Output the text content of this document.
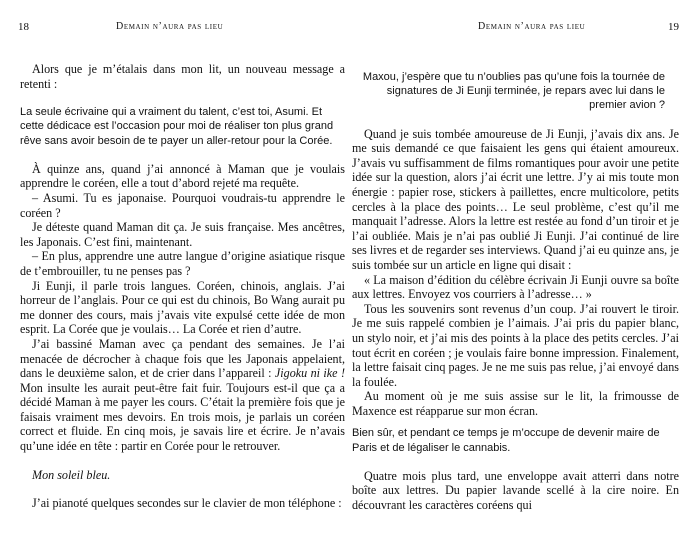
18	Demain n’aura pas lieu

Alors que je m’étalais dans mon lit, un nouveau message a retenti :

La seule écrivaine qui a vraiment du talent, c’est toi, Asumi. Et cette dédicace est l’occasion pour moi de réaliser ton plus grand rêve sans avoir besoin de te payer un aller-retour pour la Corée.

À quinze ans, quand j’ai annoncé à Maman que je voulais apprendre le coréen, elle a tout d’abord rejeté ma requête.

– Asumi. Tu es japonaise. Pourquoi voudrais-tu apprendre le coréen ?

Je déteste quand Maman dit ça. Je suis française. Mes ancêtres, les Japonais. C’est fini, maintenant.

– En plus, apprendre une autre langue d’origine asiatique risque de t’embrouiller, tu ne penses pas ?

Ji Eunji, il parle trois langues. Coréen, chinois, anglais. J’ai horreur de l’anglais. Pour ce qui est du chinois, Bo Wang aurait pu me donner des cours, mais j’avais vite expulsé cette idée de mon esprit. La Corée que je voulais… La Corée et rien d’autre.

J’ai bassiné Maman avec ça pendant des semaines. Je l’ai menacée de décrocher à chaque fois que les Japonais appelaient, dans le deuxième salon, et de crier dans l’appareil : Jigoku ni ike ! Mon insulte les aurait peut-être fait fuir. Toujours est-il que ça a décidé Maman à me payer les cours. C’était la première fois que je faisais vraiment mes devoirs. En trois mois, je parlais un coréen correct et fluide. En cinq mois, je savais lire et écrire. Je n’avais qu’une idée en tête : partir en Corée pour le retrouver.

Mon soleil bleu.

J’ai pianoté quelques secondes sur le clavier de mon téléphone :

Demain n’aura pas lieu	19

Maxou, j’espère que tu n’oublies pas qu’une fois la tournée de signatures de Ji Eunji terminée, je repars avec lui dans le premier avion ?

Quand je suis tombée amoureuse de Ji Eunji, j’avais dix ans. Je me suis demandé ce que faisaient les gens qui étaient amoureux. J’avais vu suffisamment de films romantiques pour avoir une petite idée sur la question, alors j’ai écrit une lettre. J’y ai mis toute mon énergie : papier rose, stickers à paillettes, encre multicolore, petits cercles à la place des points… Le seul problème, c’est qu’il me manquait l’adresse. Alors la lettre est restée au fond d’un tiroir et je l’ai oubliée. Mais je n’ai pas oublié Ji Eunji. J’ai continué de lire ses livres et de regarder ses interviews. Quand j’ai eu quinze ans, je suis tombée sur un article en ligne qui disait :

« La maison d’édition du célèbre écrivain Ji Eunji ouvre sa boîte aux lettres. Envoyez vos courriers à l’adresse… »

Tous les souvenirs sont revenus d’un coup. J’ai rouvert le tiroir. Je me suis rappelé combien je l’aimais. J’ai pris du papier blanc, un stylo noir, et j’ai mis des points à la place des petits cercles. J’ai tout écrit en coréen ; je voulais faire bonne impression. Finalement, la lettre faisait cinq pages. Je ne me suis pas relue, j’ai envoyé dans la foulée.

Au moment où je me suis assise sur le lit, la frimousse de Maxence est réapparue sur mon écran.

Bien sûr, et pendant ce temps je m’occupe de devenir maire de Paris et de légaliser le cannabis.

Quatre mois plus tard, une enveloppe avait atterri dans notre boîte aux lettres. Du papier lavande scellé à la cire noire. En découvrant les caractères coréens qui
